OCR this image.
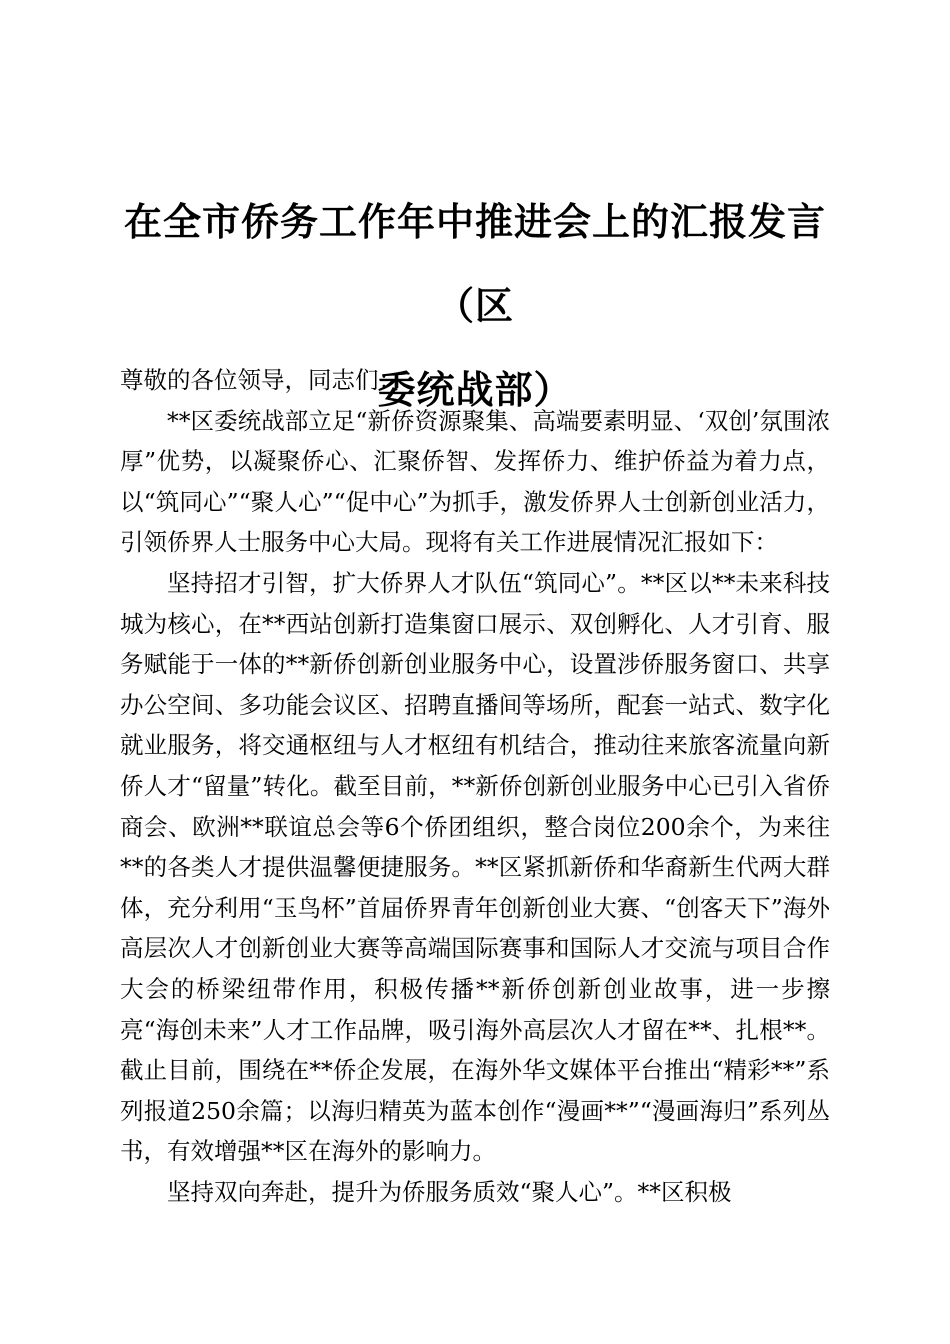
在全市侨务工作年中推进会上的汇报发言（区
委统战部）

尊敬的各位领导，同志们：

**区委统战部立足“新侨资源聚集、高端要素明显、‘双创’氛围浓厚”优势，以凝聚侨心、汇聚侨智、发挥侨力、维护侨益为着力点，以“筑同心”“聚人心”“促中心”为抓手，激发侨界人士创新创业活力，引领侨界人士服务中心大局。现将有关工作进展情况汇报如下：

坚持招才引智，扩大侨界人才队伍“筑同心”。**区以**未来科技城为核心，在**西站创新打造集窗口展示、双创孵化、人才引育、服务赋能于一体的**新侨创新创业服务中心，设置涉侨服务窗口、共享办公空间、多功能会议区、招聘直播间等场所，配套一站式、数字化就业服务，将交通枢纽与人才枢纽有机结合，推动往来旅客流量向新侨人才“留量”转化。截至目前，**新侨创新创业服务中心已引入省侨商会、欧洲**联谊总会等6个侨团组织，整合岗位200余个，为来往**的各类人才提供温馨便捷服务。**区紧抓新侨和华裔新生代两大群体，充分利用“玉鸟杯”首届侨界青年创新创业大赛、“创客天下”海外高层次人才创新创业大赛等高端国际赛事和国际人才交流与项目合作大会的桥梁纽带作用，积极传播**新侨创新创业故事，进一步擦亮“海创未来”人才工作品牌，吸引海外高层次人才留在**、扎根**。截止目前，围绕在**侨企发展，在海外华文媒体平台推出“精彩**”系列报道250余篇；以海归精英为蓝本创作“漫画**”“漫画海归”系列丛书，有效增强**区在海外的影响力。

坚持双向奔赴，提升为侨服务质效“聚人心”。**区积极
